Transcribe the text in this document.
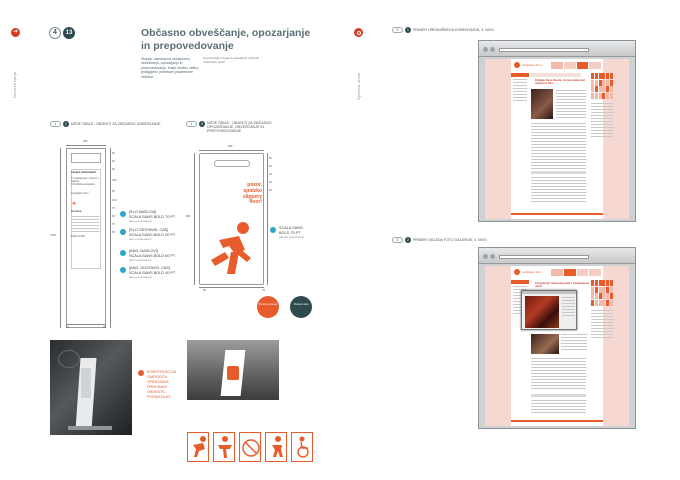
➜
Označevanje
4	13	Občasno obveščanje, opozarjanje in prepovedovanje
Stojala, namenjena občasnemu obveščanju, opozarjanju in prepovedovanju, imajo enotno obliko, prilagojeno potrebam posamezne vsebine.
Konstrukcija omogoča vstavljanje različnih vsebinskih plošč.
4	2	NIŽJE TABLE - OBJEKTI ZA OBČASNO USMERJANJE
300
Cenjeni obiskovalci!
V Cankarjevem domu in Galeriji
CD dobite prospekte
Cankarjev dom
➜
Dvorana
Dobro došli!
50
60
30
249
50
100
70
60
70
50
1300
50	50
[SLO NASLOVI]
SCALA SANS BOLD 70 PT
(levo poravnano)
[SLO ODSTAVKI, CAS]
SCALA SANS BOLD 50 PT
(levo poravnano)
[ANG. NASLOVI]
SCALA SANS BOLD 60 PT
(levo poravnano)
[ANG. ODSTAVKI, CAS]
SCALA SANS BOLD 40 PT
(levo poravnano)
4	3	NIŽJE TABLE - OBJEKTI ZA OBČASNO OPOZARJANJE, OBVEŠČANJE IN PREPOVEDOVANJE
500
pozor, spolzko
slippery floor!
50
50
30
50
50
800
95	75
SCALA SANS
BOLD 75 PT
(desno poravnano)
Pantone orange	Pantone teal
KONSTRUKCIJA OMOGOČA VPENJANJE PRINTANIH OBVESTIL FORMATA A3.
Spletna stran
5	1	PRIMER UREDNIŠKEGA KOMENTARJA, 3. NIVO
cankarjev dom
Odlazak Alexa Noeda - Koronorakija nad skupinom Ples
5	2	PRIMER OGLEDA FOTO GALERIJE, 4. NIVO
cankarjev dom
Fotogalerija: Slovenski balet v Cankarjevem domu
